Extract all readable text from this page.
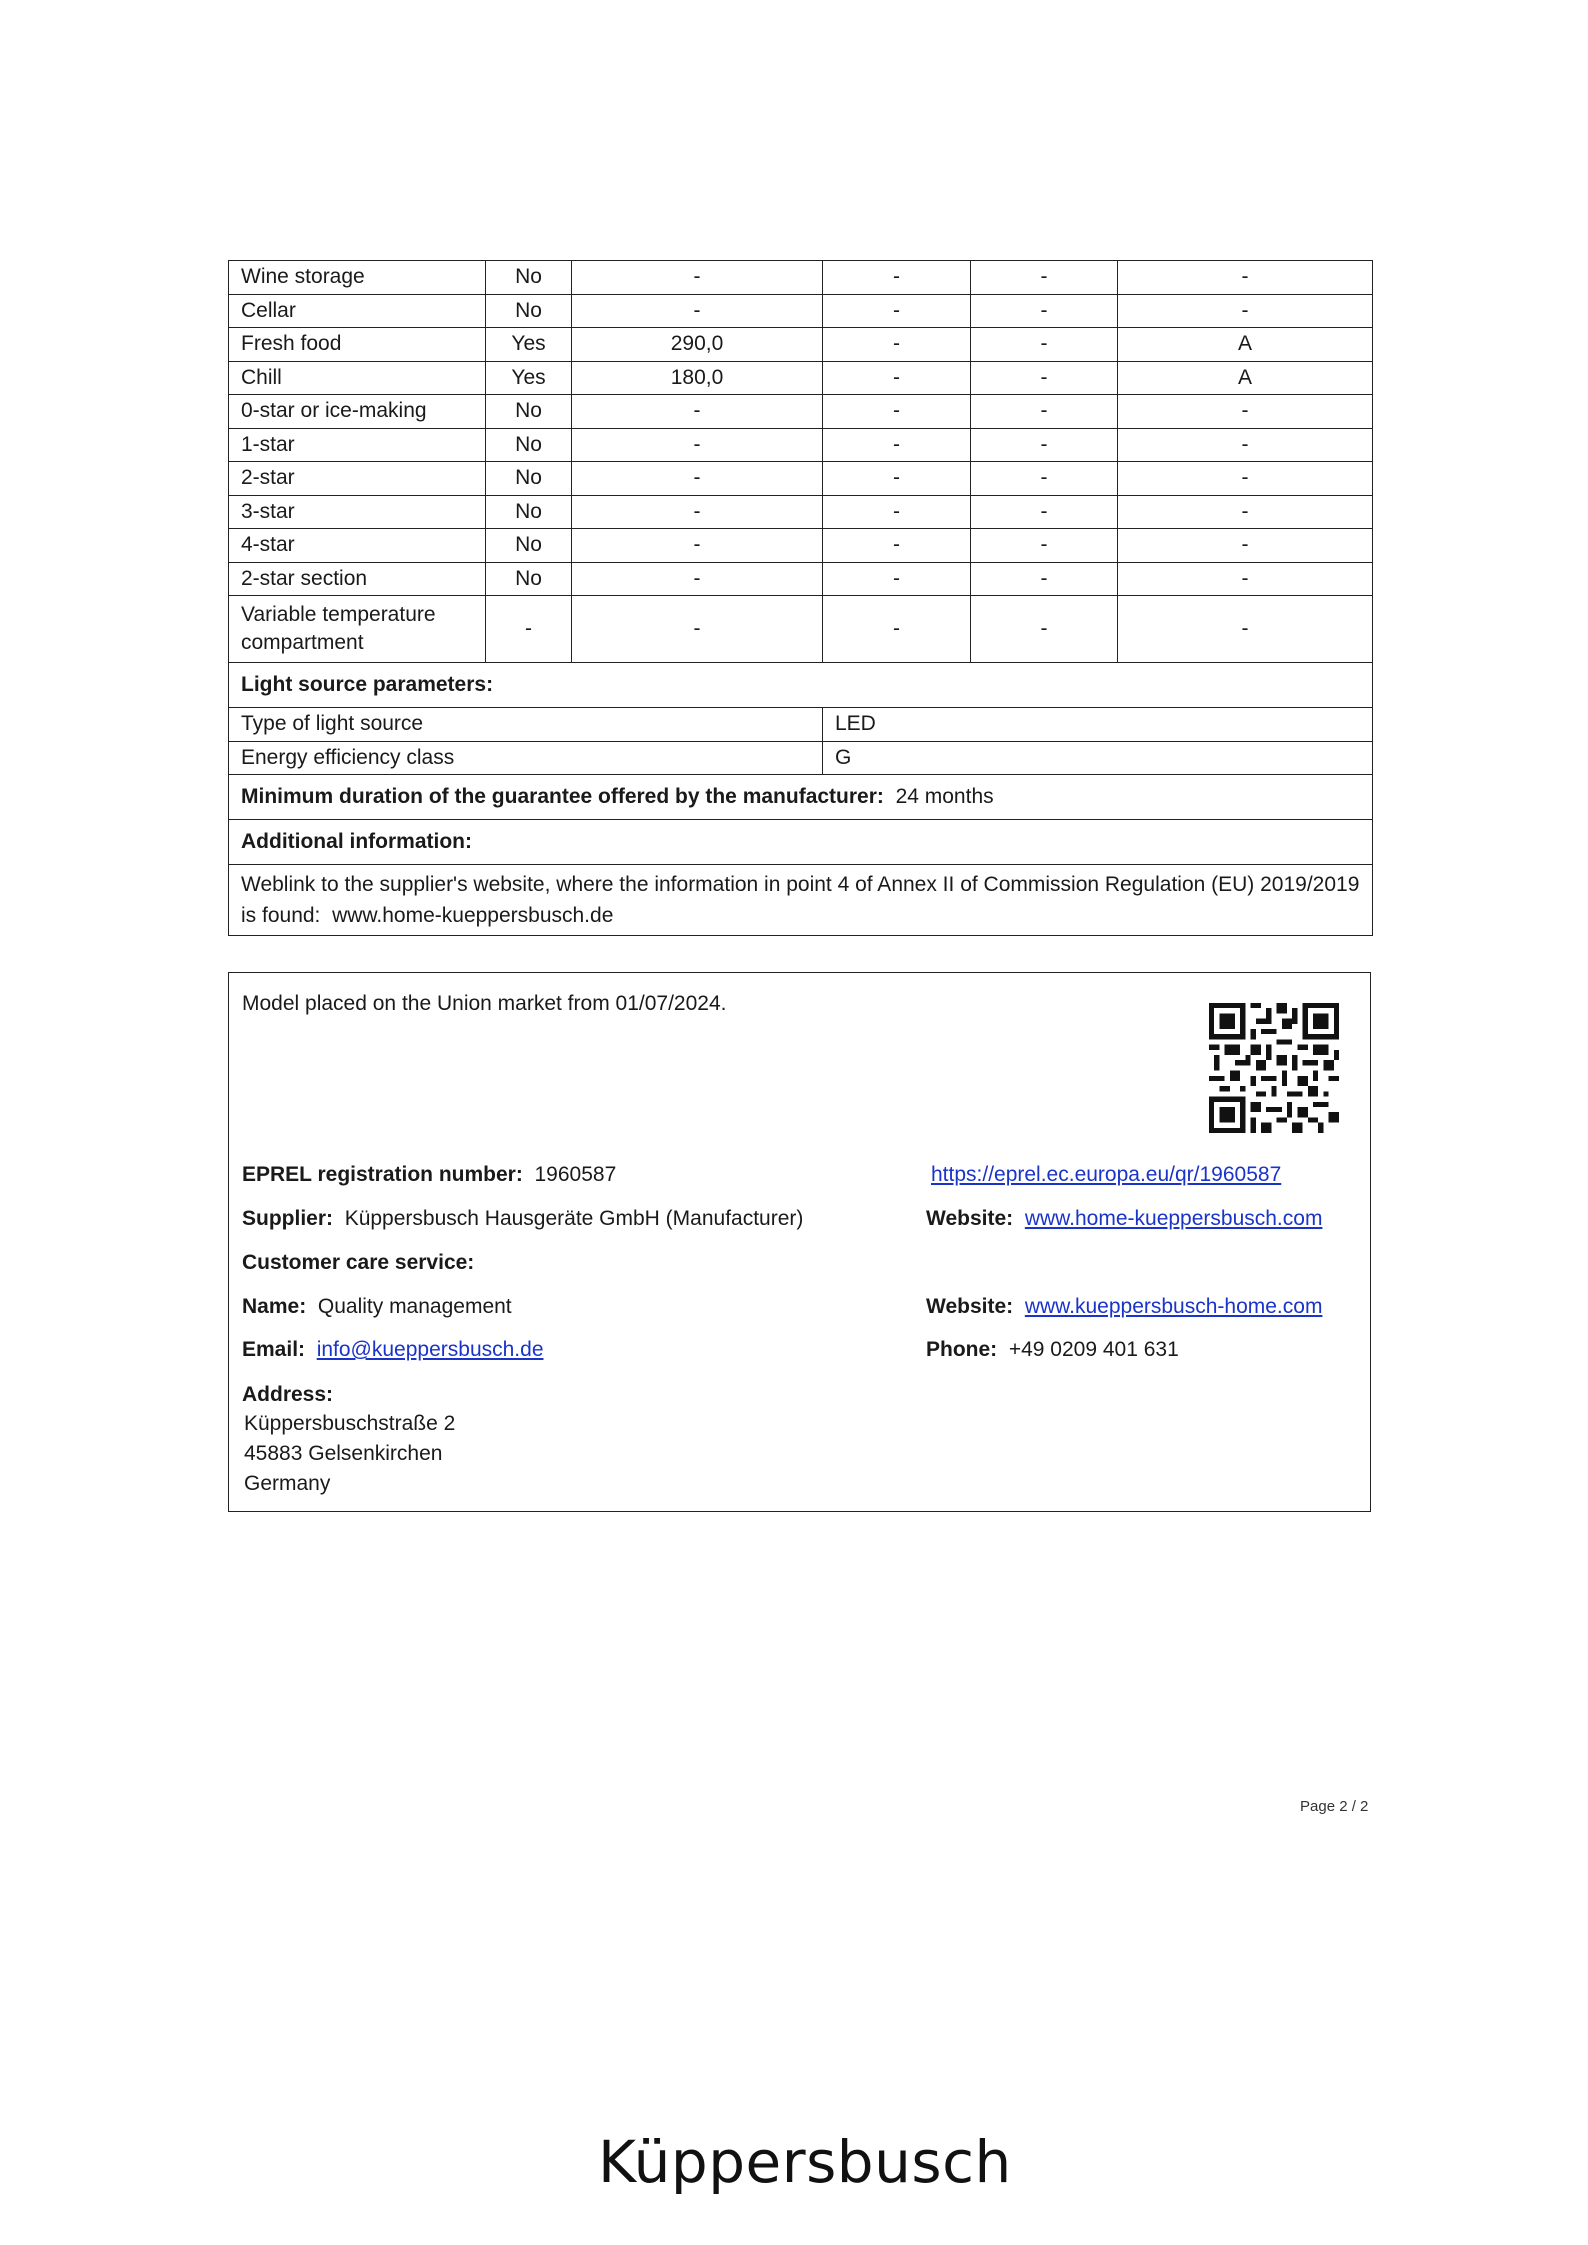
Wine storage	No	-	-	-	-
Cellar	No	-	-	-	-
Fresh food	Yes	290,0	-	-	A
Chill	Yes	180,0	-	-	A
0-star or ice-making	No	-	-	-	-
1-star	No	-	-	-	-
2-star	No	-	-	-	-
3-star	No	-	-	-	-
4-star	No	-	-	-	-
2-star section	No	-	-	-	-
Variable temperature compartment	-	-	-	-	-
Light source parameters:					
Type of light source			LED		
Energy efficiency class			G		
Minimum duration of the guarantee offered by the manufacturer: 24 months					
Additional information:					
Weblink to the supplier's website, where the information in point 4 of Annex II of Commission Regulation (EU) 2019/2019 is found: www.home-kueppersbusch.de					
Model placed on the Union market from 01/07/2024.
EPREL registration number: 1960587	https://eprel.ec.europa.eu/qr/1960587
Supplier: Küppersbusch Hausgeräte GmbH (Manufacturer)	Website: www.home-kueppersbusch.com
Customer care service:
Name: Quality management	Website: www.kueppersbusch-home.com
Email: info@kueppersbusch.de	Phone: +49 0209 401 631
Address:
Küppersbuschstraße 2
45883 Gelsenkirchen
Germany
Page 2 / 2
Küppersbusch
